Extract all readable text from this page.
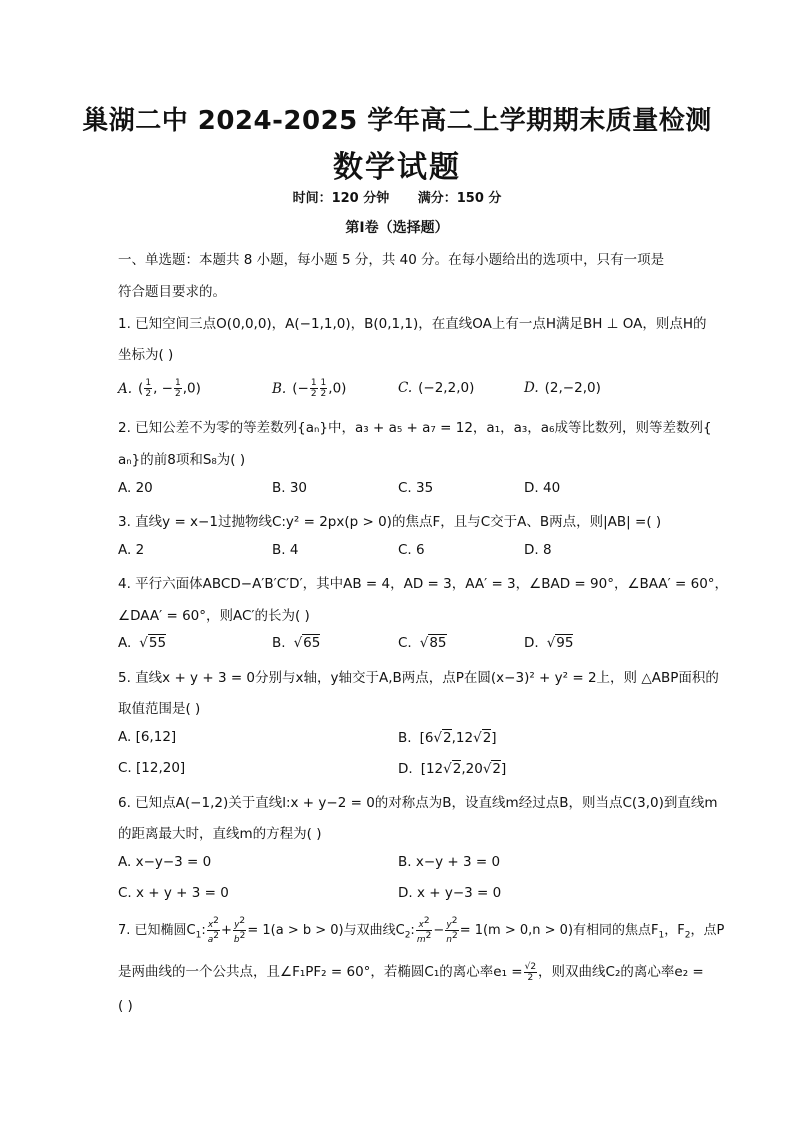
巢湖二中 2024-2025 学年高二上学期期末质量检测
数学试题
时间：120 分钟 满分：150 分
第Ⅰ卷（选择题）
一、单选题：本题共 8 小题，每小题 5 分，共 40 分。在每小题给出的选项中，只有一项是
符合题目要求的。
1. 已知空间三点O(0,0,0)，A(−1,1,0)，B(0,1,1)，在直线OA上有一点H满足BH ⊥ OA，则点H的
坐标为( )
A. ( $\frac{1}{2}$ , − $\frac{1}{2} ,0$)	B. (− $\frac{1}{2} \frac{1}{2} ,0$)	C. (−2,2,0)	D. (2,−2,0)
2. 已知公差不为零的等差数列{aₙ}中，a₃ + a₅ + a₇ = 12，a₁，a₃，a₆成等比数列，则等差数列{
aₙ}的前8项和S₈为( )
A. 20	B. 30	C. 35	D. 40
3. 直线y = x−1过抛物线C:y² = 2px(p > 0)的焦点F，且与C交于A、B两点，则|AB| =( )
A. 2	B. 4	C. 6	D. 8
4. 平行六面体ABCD−A′B′C′D′，其中AB = 4，AD = 3，AA′ = 3，∠BAD = 90°，∠BAA′ = 60°，
∠DAA′ = 60°，则AC′的长为( )
A. √55	B. √65	C. √85	D. √95
5. 直线x + y + 3 = 0分别与x轴，y轴交于A,B两点，点P在圆(x−3)² + y² = 2上，则 △ABP面积的
取值范围是( )
A. [6,12]	B. [6√2,12√2]
C. [12,20]	D. [12√2,20√2]
6. 已知点A(−1,2)关于直线l:x + y−2 = 0的对称点为B，设直线m经过点B，则当点C(3,0)到直线m
的距离最大时，直线m的方程为( )
A. x−y−3 = 0	B. x−y + 3 = 0
C. x + y + 3 = 0	D. x + y−3 = 0
7. 已知椭圆$C_1$: $\frac{x^2}{a^2} + \frac{y^2}{b^2} = 1(a > b > 0)$与双曲线$C_2$: $\frac{x^2}{m^2} - \frac{y^2}{n^2} = 1(m > 0,n > 0)$有相同的焦点$F_1$，$F_2$，点P
是两曲线的一个公共点，且∠F₁PF₂ = 60°，若椭圆C₁的离心率$e_1 = \frac{√2}{2}$ ，则双曲线C₂的离心率e₂ =
( )
